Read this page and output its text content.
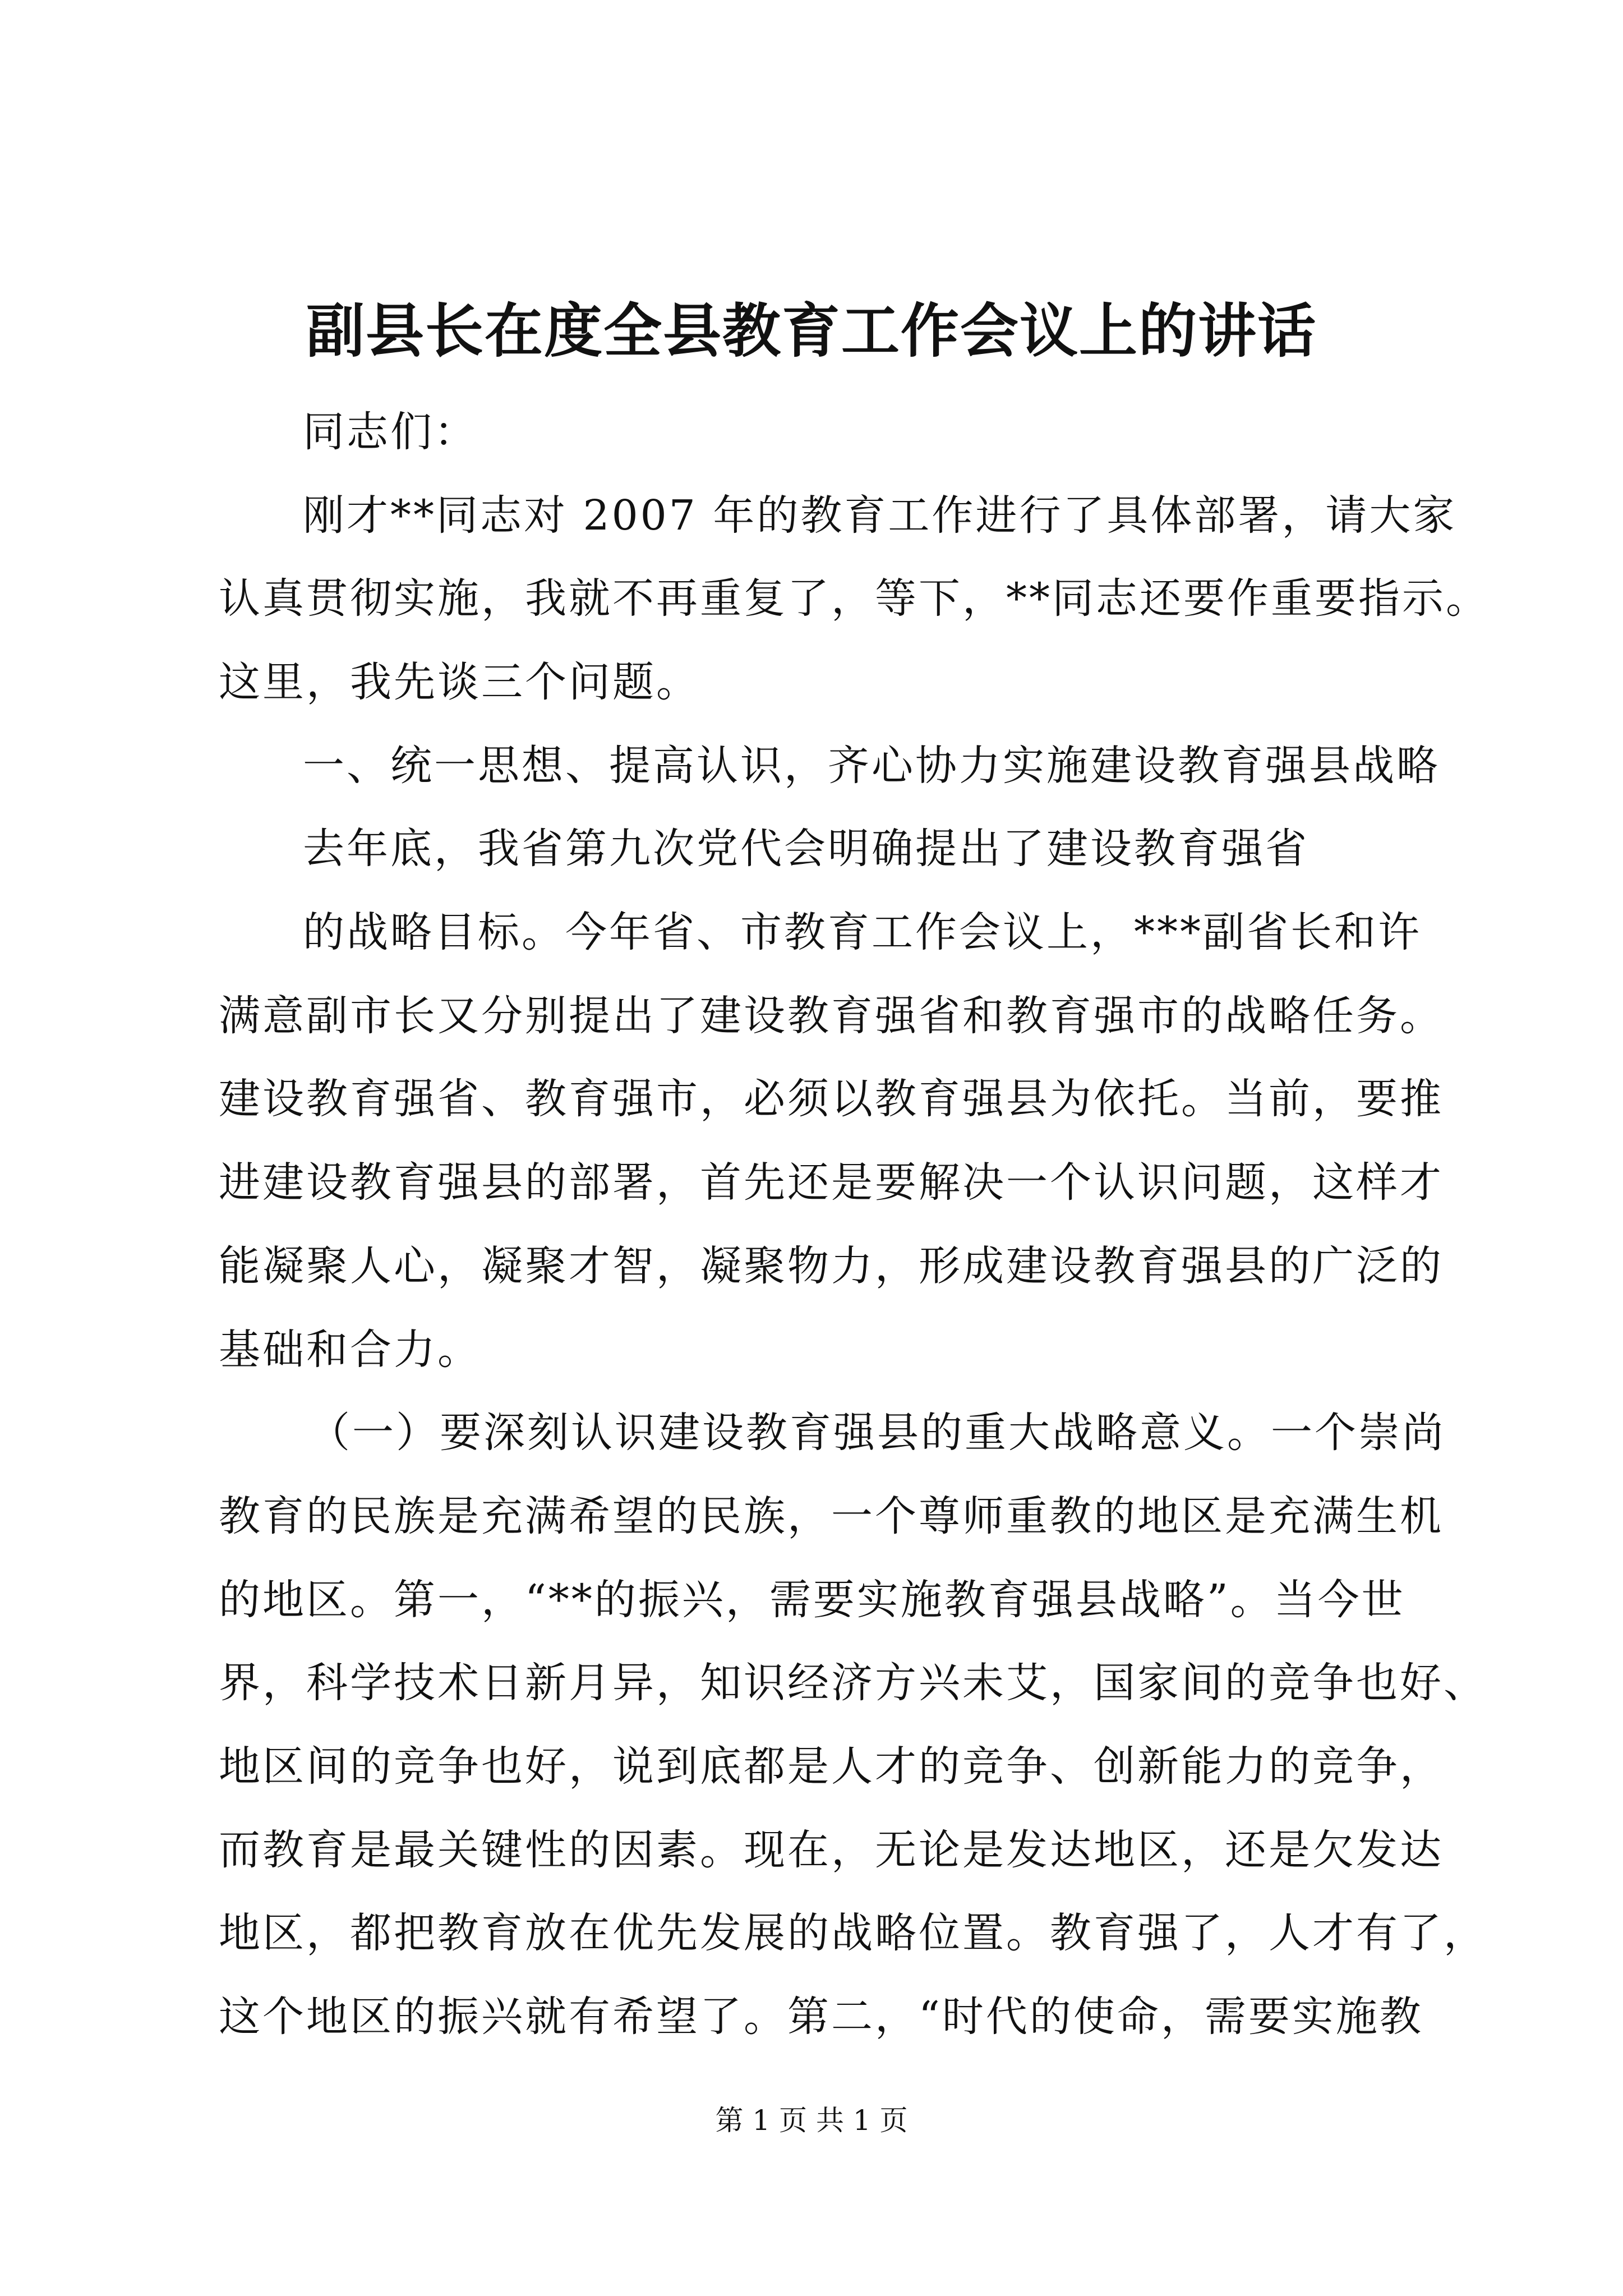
副县长在度全县教育工作会议上的讲话
同志们：
刚才**同志对 2007 年的教育工作进行了具体部署，请大家
认真贯彻实施，我就不再重复了，等下，**同志还要作重要指示。
这里，我先谈三个问题。
一、统一思想、提高认识，齐心协力实施建设教育强县战略
去年底，我省第九次党代会明确提出了建设教育强省
的战略目标。今年省、市教育工作会议上，***副省长和许
满意副市长又分别提出了建设教育强省和教育强市的战略任务。
建设教育强省、教育强市，必须以教育强县为依托。当前，要推
进建设教育强县的部署，首先还是要解决一个认识问题，这样才
能凝聚人心，凝聚才智，凝聚物力，形成建设教育强县的广泛的
基础和合力。
（一）要深刻认识建设教育强县的重大战略意义。一个崇尚
教育的民族是充满希望的民族，一个尊师重教的地区是充满生机
的地区。第一，“**的振兴，需要实施教育强县战略”。当今世
界，科学技术日新月异，知识经济方兴未艾，国家间的竞争也好、
地区间的竞争也好，说到底都是人才的竞争、创新能力的竞争，
而教育是最关键性的因素。现在，无论是发达地区，还是欠发达
地区，都把教育放在优先发展的战略位置。教育强了，人才有了，
这个地区的振兴就有希望了。第二，“时代的使命，需要实施教
第 1 页 共 1 页
